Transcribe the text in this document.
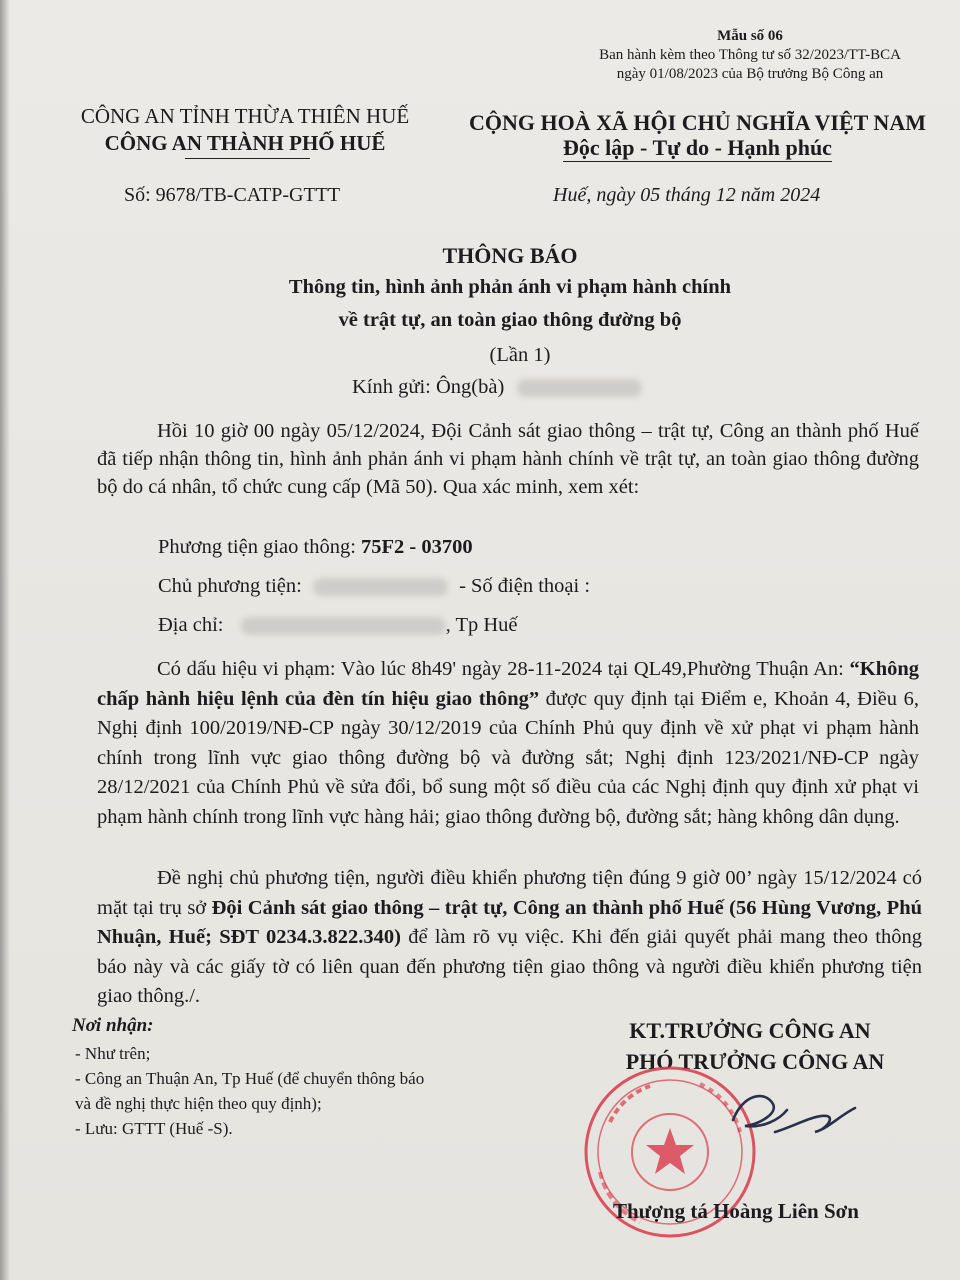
Mẫu số 06
Ban hành kèm theo Thông tư số 32/2023/TT-BCA
ngày 01/08/2023 của Bộ trưởng Bộ Công an
CÔNG AN TỈNH THỪA THIÊN HUẾ
CÔNG AN THÀNH PHỐ HUẾ
Số: 9678/TB-CATP-GTTT
CỘNG HOÀ XÃ HỘI CHỦ NGHĨA VIỆT NAM
Độc lập - Tự do - Hạnh phúc
Huế, ngày 05 tháng 12 năm 2024
THÔNG BÁO
Thông tin, hình ảnh phản ánh vi phạm hành chính
về trật tự, an toàn giao thông đường bộ
(Lần 1)
Kính gửi: Ông(bà)

Hồi 10 giờ 00 ngày 05/12/2024, Đội Cảnh sát giao thông – trật tự, Công an thành phố Huế đã tiếp nhận thông tin, hình ảnh phản ánh vi phạm hành chính về trật tự, an toàn giao thông đường bộ do cá nhân, tổ chức cung cấp (Mã 50). Qua xác minh, xem xét:

Phương tiện giao thông: 75F2 - 03700
Chủ phương tiện:	- Số điện thoại :
Địa chỉ:	, Tp Huế

Có dấu hiệu vi phạm: Vào lúc 8h49' ngày 28-11-2024 tại QL49,Phường Thuận An: “Không chấp hành hiệu lệnh của đèn tín hiệu giao thông” được quy định tại Điểm e, Khoản 4, Điều 6, Nghị định 100/2019/NĐ-CP ngày 30/12/2019 của Chính Phủ quy định về xử phạt vi phạm hành chính trong lĩnh vực giao thông đường bộ và đường sắt; Nghị định 123/2021/NĐ-CP ngày 28/12/2021 của Chính Phủ về sửa đổi, bổ sung một số điều của các Nghị định quy định xử phạt vi phạm hành chính trong lĩnh vực hàng hải; giao thông đường bộ, đường sắt; hàng không dân dụng.

Đề nghị chủ phương tiện, người điều khiển phương tiện đúng 9 giờ 00’ ngày 15/12/2024 có mặt tại trụ sở Đội Cảnh sát giao thông – trật tự, Công an thành phố Huế (56 Hùng Vương, Phú Nhuận, Huế; SĐT 0234.3.822.340) để làm rõ vụ việc. Khi đến giải quyết phải mang theo thông báo này và các giấy tờ có liên quan đến phương tiện giao thông và người điều khiển phương tiện giao thông./.

Nơi nhận:
- Như trên;
- Công an Thuận An, Tp Huế (để chuyển thông báo
và đề nghị thực hiện theo quy định);
- Lưu: GTTT (Huế -S).
KT.TRƯỞNG CÔNG AN
PHÓ TRƯỞNG CÔNG AN
Thượng tá Hoàng Liên Sơn
